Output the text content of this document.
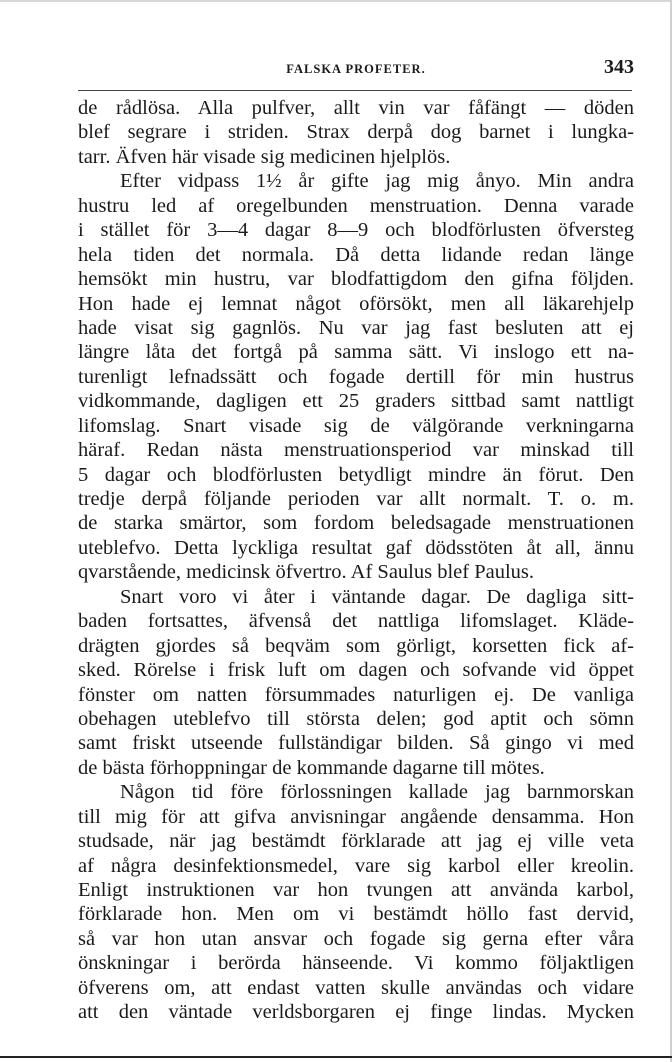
FALSKA PROFETER.	343
de rådlösa. Alla pulfver, allt vin var fåfängt — döden
blef segrare i striden. Strax derpå dog barnet i lungka-
tarr. Äfven här visade sig medicinen hjelplös.
Efter vidpass 1½ år gifte jag mig ånyo. Min andra
hustru led af oregelbunden menstruation. Denna varade
i stället för 3—4 dagar 8—9 och blodförlusten öfversteg
hela tiden det normala. Då detta lidande redan länge
hemsökt min hustru, var blodfattigdom den gifna följden.
Hon hade ej lemnat något oförsökt, men all läkarehjelp
hade visat sig gagnlös. Nu var jag fast besluten att ej
längre låta det fortgå på samma sätt. Vi inslogo ett na-
turenligt lefnadssätt och fogade dertill för min hustrus
vidkommande, dagligen ett 25 graders sittbad samt nattligt
lifomslag. Snart visade sig de välgörande verkningarna
häraf. Redan nästa menstruationsperiod var minskad till
5 dagar och blodförlusten betydligt mindre än förut. Den
tredje derpå följande perioden var allt normalt. T. o. m.
de starka smärtor, som fordom beledsagade menstruationen
uteblefvo. Detta lyckliga resultat gaf dödsstöten åt all, ännu
qvarstående, medicinsk öfvertro. Af Saulus blef Paulus.
Snart voro vi åter i väntande dagar. De dagliga sitt-
baden fortsattes, äfvenså det nattliga lifomslaget. Kläde-
drägten gjordes så beqväm som görligt, korsetten fick af-
sked. Rörelse i frisk luft om dagen och sofvande vid öppet
fönster om natten försummades naturligen ej. De vanliga
obehagen uteblefvo till största delen; god aptit och sömn
samt friskt utseende fullständigar bilden. Så gingo vi med
de bästa förhoppningar de kommande dagarne till mötes.
Någon tid före förlossningen kallade jag barnmorskan
till mig för att gifva anvisningar angående densamma. Hon
studsade, när jag bestämdt förklarade att jag ej ville veta
af några desinfektionsmedel, vare sig karbol eller kreolin.
Enligt instruktionen var hon tvungen att använda karbol,
förklarade hon. Men om vi bestämdt höllo fast dervid,
så var hon utan ansvar och fogade sig gerna efter våra
önskningar i berörda hänseende. Vi kommo följaktligen
öfverens om, att endast vatten skulle användas och vidare
att den väntade verldsborgaren ej finge lindas. Mycken
